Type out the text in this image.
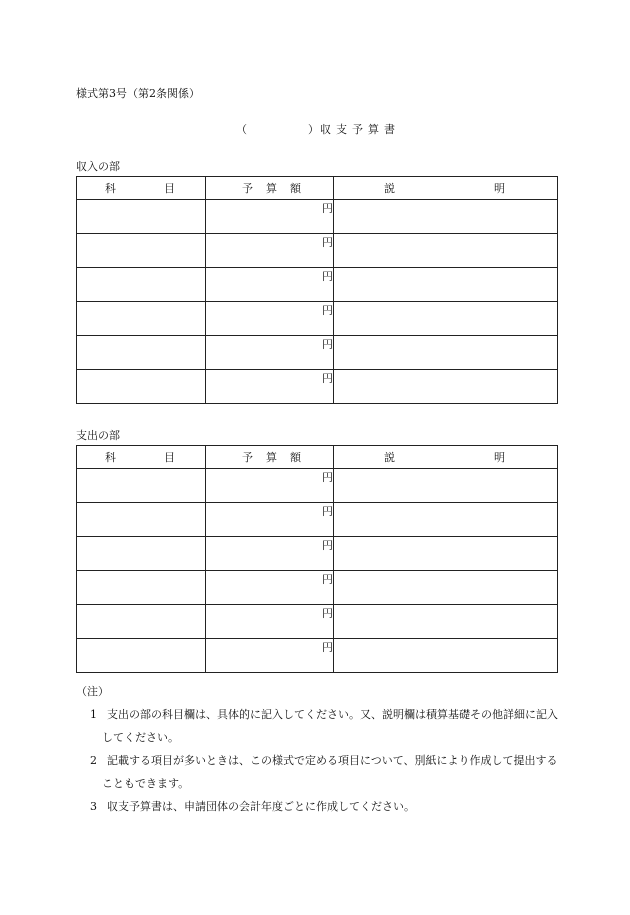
様式第3号（第2条関係）
（	）収支予算書
収入の部
科 目	予 算 額	説 明

	円	
	円	
	円	
	円	
	円	
	円	
支出の部
科 目	予 算 額	説 明

	円	
	円	
	円	
	円	
	円	
	円	
（注）
1 支出の部の科目欄は、具体的に記入してください。又、説明欄は積算基礎その他詳細に記入してください。
2 記載する項目が多いときは、この様式で定める項目について、別紙により作成して提出することもできます。
3 収支予算書は、申請団体の会計年度ごとに作成してください。
